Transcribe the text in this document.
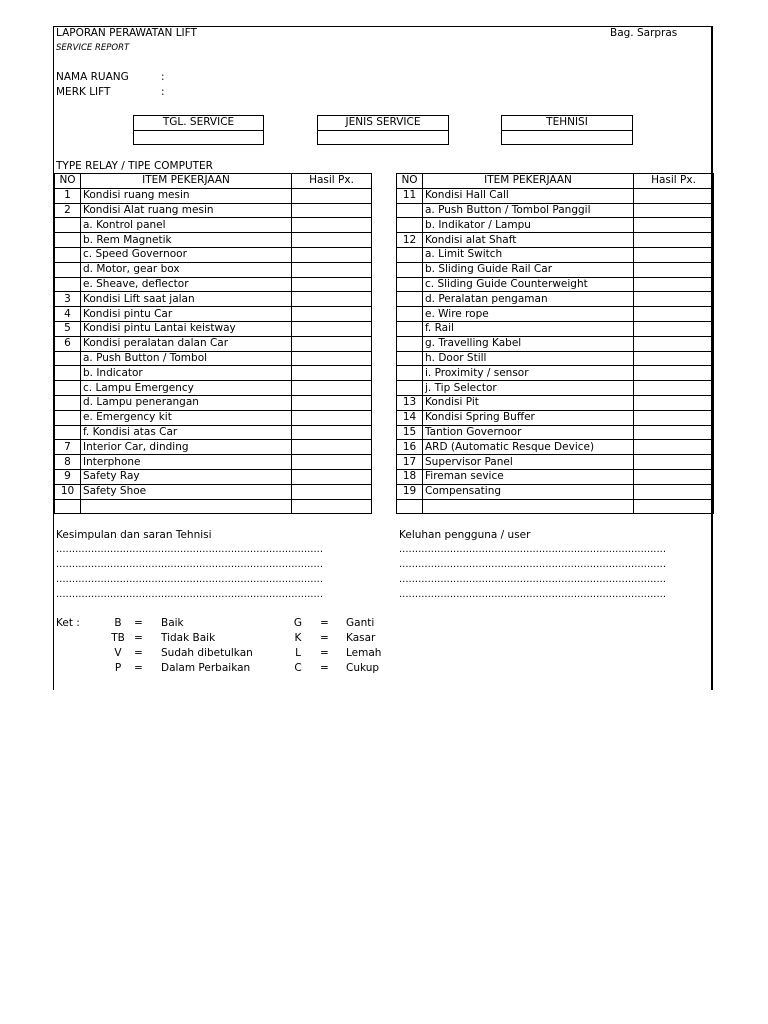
LAPORAN PERAWATAN LIFT
SERVICE REPORT
Bag. Sarpras
NAMA RUANG	:
MERK LIFT	:
TGL. SERVICE	JENIS SERVICE	TEHNISI
TYPE RELAY / TIPE COMPUTER
NO	ITEM PEKERJAAN	Hasil Px.
1	Kondisi ruang mesin	
2	Kondisi Alat ruang mesin	
	a. Kontrol panel	
	b. Rem Magnetik	
	c. Speed Governoor	
	d. Motor, gear box	
	e. Sheave, deflector	
3	Kondisi Lift saat jalan	
4	Kondisi pintu Car	
5	Kondisi pintu Lantai keistway	
6	Kondisi peralatan dalan Car	
	a. Push Button / Tombol	
	b. Indicator	
	c. Lampu Emergency	
	d. Lampu penerangan	
	e. Emergency kit	
	f. Kondisi atas Car	
7	Interior Car, dinding	
8	Interphone	
9	Safety Ray	
10	Safety Shoe	

NO	ITEM PEKERJAAN	Hasil Px.
11	Kondisi Hall Call	
	a. Push Button / Tombol Panggil	
	b. Indikator / Lampu	
12	Kondisi alat Shaft	
	a. Limit Switch	
	b. Sliding Guide Rail Car	
	c. Sliding Guide Counterweight	
	d. Peralatan pengaman	
	e. Wire rope	
	f. Rail	
	g. Travelling Kabel	
	h. Door Still	
	i. Proximity / sensor	
	j. Tip Selector	
13	Kondisi Pit	
14	Kondisi Spring Buffer	
15	Tantion Governoor	
16	ARD (Automatic Resque Device)	
17	Supervisor Panel	
18	Fireman sevice	
19	Compensating	

Kesimpulan dan saran Tehnisi	Keluhan pengguna / user
....................................................................................
....................................................................................
....................................................................................
....................................................................................
....................................................................................
....................................................................................
....................................................................................
....................................................................................
Ket :	B	= Baik	G	= Ganti
TB = Tidak Baik	K	= Kasar
V	= Sudah dibetulkan	L	= Lemah
P	= Dalam Perbaikan	C	= Cukup
